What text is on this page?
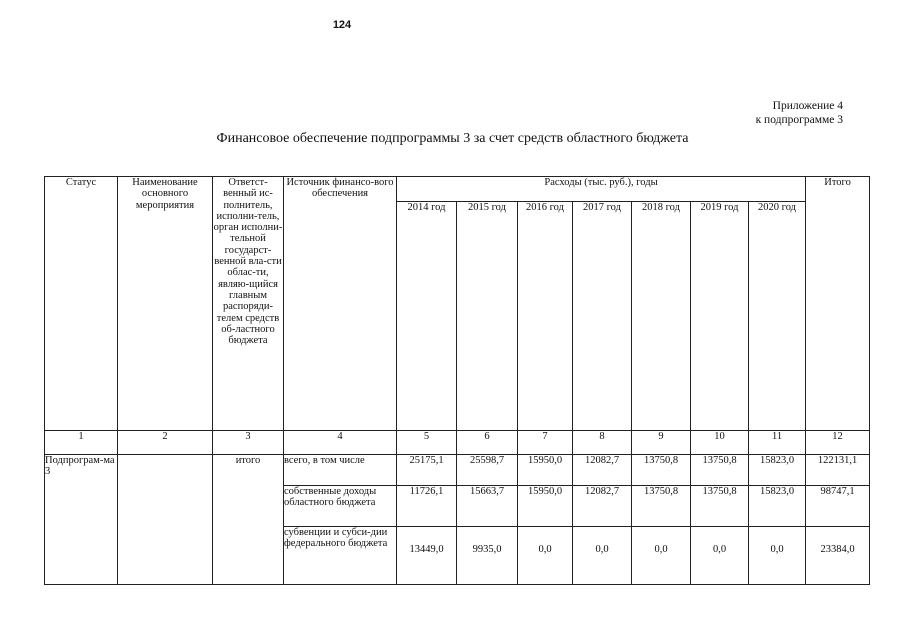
124
Приложение 4
к подпрограмме 3
Финансовое обеспечение подпрограммы 3 за счет средств областного бюджета
Статус	Наименование основного мероприятия	Ответст-венный ис-полнитель, исполни-тель, орган исполни-тельной государст-венной вла-сти облас-ти, являю-щийся главным распоряди-телем средств об-ластного бюджета	Источник финансо-вого обеспечения	Расходы (тыс. руб.), годы							Итого
				2014 год	2015 год	2016 год	2017 год	2018 год	2019 год	2020 год	
1	2	3	4	5	6	7	8	9	10	11	12
Подпрограм-ма 3		итого	всего, в том числе	25175,1	25598,7	15950,0	12082,7	13750,8	13750,8	15823,0	122131,1
			собственные доходы областного бюджета	11726,1	15663,7	15950,0	12082,7	13750,8	13750,8	15823,0	98747,1
			субвенции и субси-дии федерального бюджета	13449,0	9935,0	0,0	0,0	0,0	0,0	0,0	23384,0
